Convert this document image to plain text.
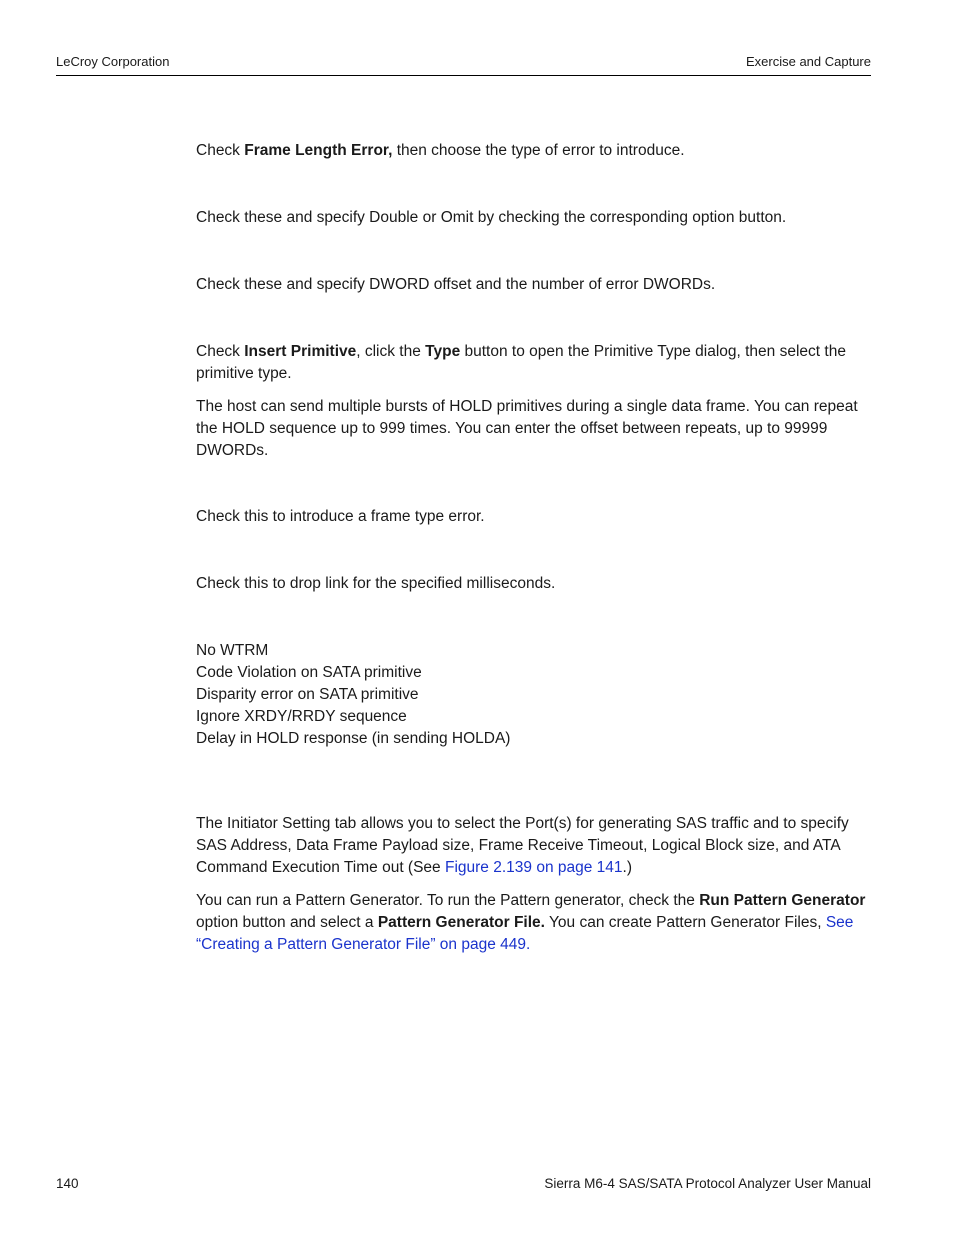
LeCroy Corporation	Exercise and Capture

Check Frame Length Error, then choose the type of error to introduce.

Check these and specify Double or Omit by checking the corresponding option button.

Check these and specify DWORD offset and the number of error DWORDs.

Check Insert Primitive, click the Type button to open the Primitive Type dialog, then select the primitive type.

The host can send multiple bursts of HOLD primitives during a single data frame. You can repeat the HOLD sequence up to 999 times. You can enter the offset between repeats, up to 99999 DWORDs.

Check this to introduce a frame type error.

Check this to drop link for the specified milliseconds.

No WTRM
Code Violation on SATA primitive
Disparity error on SATA primitive
Ignore XRDY/RRDY sequence
Delay in HOLD response (in sending HOLDA)

The Initiator Setting tab allows you to select the Port(s) for generating SAS traffic and to specify SAS Address, Data Frame Payload size, Frame Receive Timeout, Logical Block size, and ATA Command Execution Time out (See Figure 2.139 on page 141.)

You can run a Pattern Generator. To run the Pattern generator, check the Run Pattern Generator option button and select a Pattern Generator File. You can create Pattern Generator Files, See “Creating a Pattern Generator File” on page 449.

140	Sierra M6-4 SAS/SATA Protocol Analyzer User Manual
